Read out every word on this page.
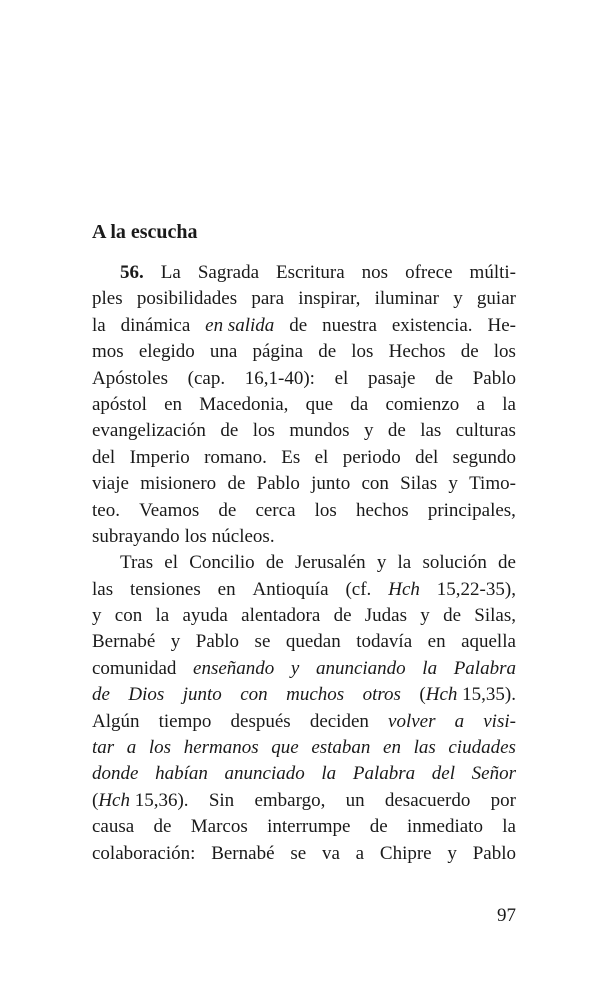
A la escucha
56. La Sagrada Escritura nos ofrece múlti-
ples posibilidades para inspirar, iluminar y guiar
la dinámica en salida de nuestra existencia. He-
mos elegido una página de los Hechos de los
Apóstoles (cap. 16,1-40): el pasaje de Pablo
apóstol en Macedonia, que da comienzo a la
evangelización de los mundos y de las culturas
del Imperio romano. Es el periodo del segundo
viaje misionero de Pablo junto con Silas y Timo-
teo. Veamos de cerca los hechos principales,
subrayando los núcleos.
Tras el Concilio de Jerusalén y la solución de
las tensiones en Antioquía (cf. Hch 15,22-35),
y con la ayuda alentadora de Judas y de Silas,
Bernabé y Pablo se quedan todavía en aquella
comunidad enseñando y anunciando la Palabra
de Dios junto con muchos otros (Hch 15,35).
Algún tiempo después deciden volver a visi-
tar a los hermanos que estaban en las ciudades
donde habían anunciado la Palabra del Señor
(Hch 15,36). Sin embargo, un desacuerdo por
causa de Marcos interrumpe de inmediato la
colaboración: Bernabé se va a Chipre y Pablo
97
